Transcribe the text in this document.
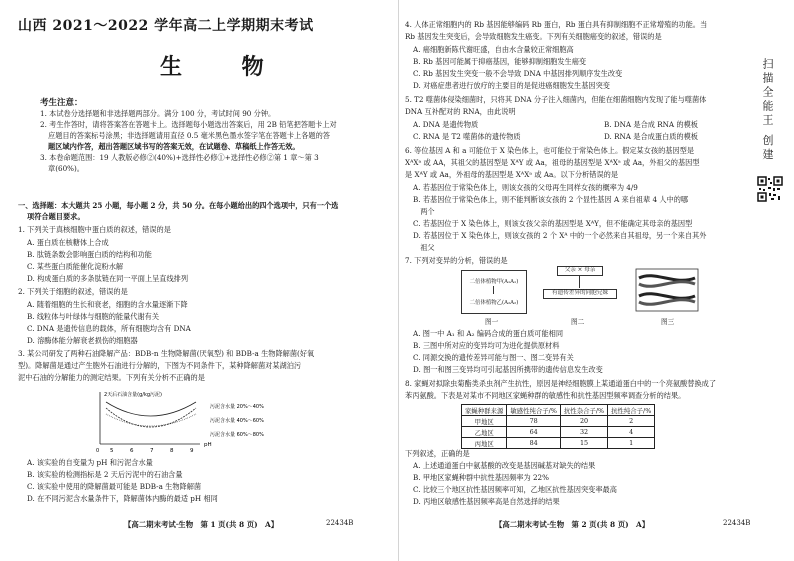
山西 2021～2022 学年高二上学期期末考试
生 物
考生注意：
1. 本试卷分选择题和非选择题两部分。满分 100 分，考试时间 90 分钟。
2. 考生作答时，请将答案答在答题卡上。选择题每小题选出答案后，用 2B 铅笔把答题卡上对
应题目的答案标号涂黑；非选择题请用直径 0.5 毫米黑色墨水签字笔在答题卡上各题的答
题区域内作答，超出答题区域书写的答案无效，在试题卷、草稿纸上作答无效。
3. 本卷命题范围：19 人教版必修②(40%)+选择性必修①+选择性必修②第 1 章～第 3
章(60%)。
一、选择题：本大题共 25 小题，每小题 2 分，共 50 分。在每小题给出的四个选项中，只有一个选
项符合题目要求。
1. 下列关于真核细胞中蛋白质的叙述，错误的是
A. 蛋白质在核糖体上合成
B. 肽链条数会影响蛋白质的结构和功能
C. 某些蛋白质能催化淀粉水解
D. 构成蛋白质的多条肽链在同一平面上呈直线排列
2. 下列关于细胞的叙述，错误的是
A. 随着细胞的生长和衰老，细胞的含水量逐渐下降
B. 线粒体与叶绿体与细胞的能量代谢有关
C. DNA 是遗传信息的载体，所有细胞均含有 DNA
D. 溶酶体能分解衰老损伤的细胞器
3. 某公司研发了两种石油降解产品：BDB-n 生物降解菌(厌氧型) 和 BDB-a 生物降解菌(好氧
型)。降解菌是通过产生胞外石油进行分解的，下图为不同条件下，某种降解菌对某湖泊污
泥中石油的分解能力的测定结果。下列有关分析不正确的是
2天后石油含量(g/kg污泥)
0
pH
5	6	7	8	9
污泥含水量 20%～40%
污泥含水量 40%～60%
污泥含水量 60%～80%
A. 该实验的自变量为 pH 和污泥含水量
B. 该实验的检测指标是 2 天后污泥中的石油含量
C. 该实验中使用的降解菌最可能是 BDB-a 生物降解菌
D. 在不同污泥含水量条件下，降解菌体内酶的最适 pH 相同
【高二期末考试·生物　第 1 页(共 8 页)　A】	22434B
4. 人体正常细胞内的 Rb 基因能够编码 Rb 蛋白，Rb 蛋白具有抑制细胞不正常增殖的功能。当
Rb 基因发生突变后，会导致细胞发生癌变。下列有关细胞癌变的叙述，错误的是
A. 癌细胞新陈代谢旺盛，自由水含量较正常细胞高
B. Rb 基因可能属于抑癌基因，能够抑制细胞发生癌变
C. Rb 基因发生突变一般不会导致 DNA 中基因排列顺序发生改变
D. 对癌症患者进行放疗的主要目的是促进癌细胞发生基因突变
5. T2 噬菌体侵染细菌时，只将其 DNA 分子注入细菌内，但能在细菌细胞内发现了能与噬菌体
DNA 互补配对的 RNA，由此说明
A. DNA 是遗传物质	B. DNA 是合成 RNA 的模板
C. RNA 是 T2 噬菌体的遗传物质	D. RNA 是合成蛋白质的模板
6. 等位基因 A 和 a 可能位于 X 染色体上，也可能位于常染色体上。假定某女孩的基因型是
XᴬXᵃ 或 AA，其祖父的基因型是 XᴬY 或 Aa，祖母的基因型是 XᴬXᵃ 或 Aa，外祖父的基因型
是 XᴬY 或 Aa，外祖母的基因型是 XᴬXᵃ 或 Aa。以下分析错误的是
A. 若基因位于常染色体上，则该女孩的父母再生同样女孩的概率为 4/9
B. 若基因位于常染色体上，则不能判断该女孩的 2 个显性基因 A 来自祖辈 4 人中的哪
　两个
C. 若基因位于 X 染色体上，则该女孩父亲的基因型是 XᴬY，但不能确定其母亲的基因型
D. 若基因位于 X 染色体上，则该女孩的 2 个 Xᴬ 中的一个必然来自其祖母，另一个来自其外
　祖父
7. 下列对变异的分析，错误的是
二倍体植物甲(A₁A₁)
二倍体植物乙(A₂A₂)
图一
父亲 × 母亲
有遗传差异的同胞兄妹
图二	图三
A. 图一中 A₁ 和 A₂ 编码合成的蛋白质可能相同
B. 三图中所对应的变异均可为进化提供原材料
C. 同源交换的遗传差异可能与图一、图二变异有关
D. 图一和图三变异均可引起基因所携带的遗传信息发生改变
8. 家蝇对拟除虫菊酯类杀虫剂产生抗性，原因是神经细胞膜上某通道蛋白中的一个亮氨酸替换成了
苯丙氨酸。下表是对某市不同地区家蝇种群的敏感性和抗性基因型频率调查分析的结果。
家蝇种群来源	敏感性纯合子/%	抗性杂合子/%	抗性纯合子/%
甲地区	78	20	2
乙地区	64	32	4
丙地区	84	15	1
下列叙述，正确的是
A. 上述通道蛋白中氨基酸的改变是基因碱基对缺失的结果
B. 甲地区家蝇种群中抗性基因频率为 22%
C. 比较三个地区抗性基因频率可知，乙地区抗性基因突变率最高
D. 丙地区敏感性基因频率高是自然选择的结果
【高二期末考试·生物　第 2 页(共 8 页)　A】	22434B
扫描全能王 创建
